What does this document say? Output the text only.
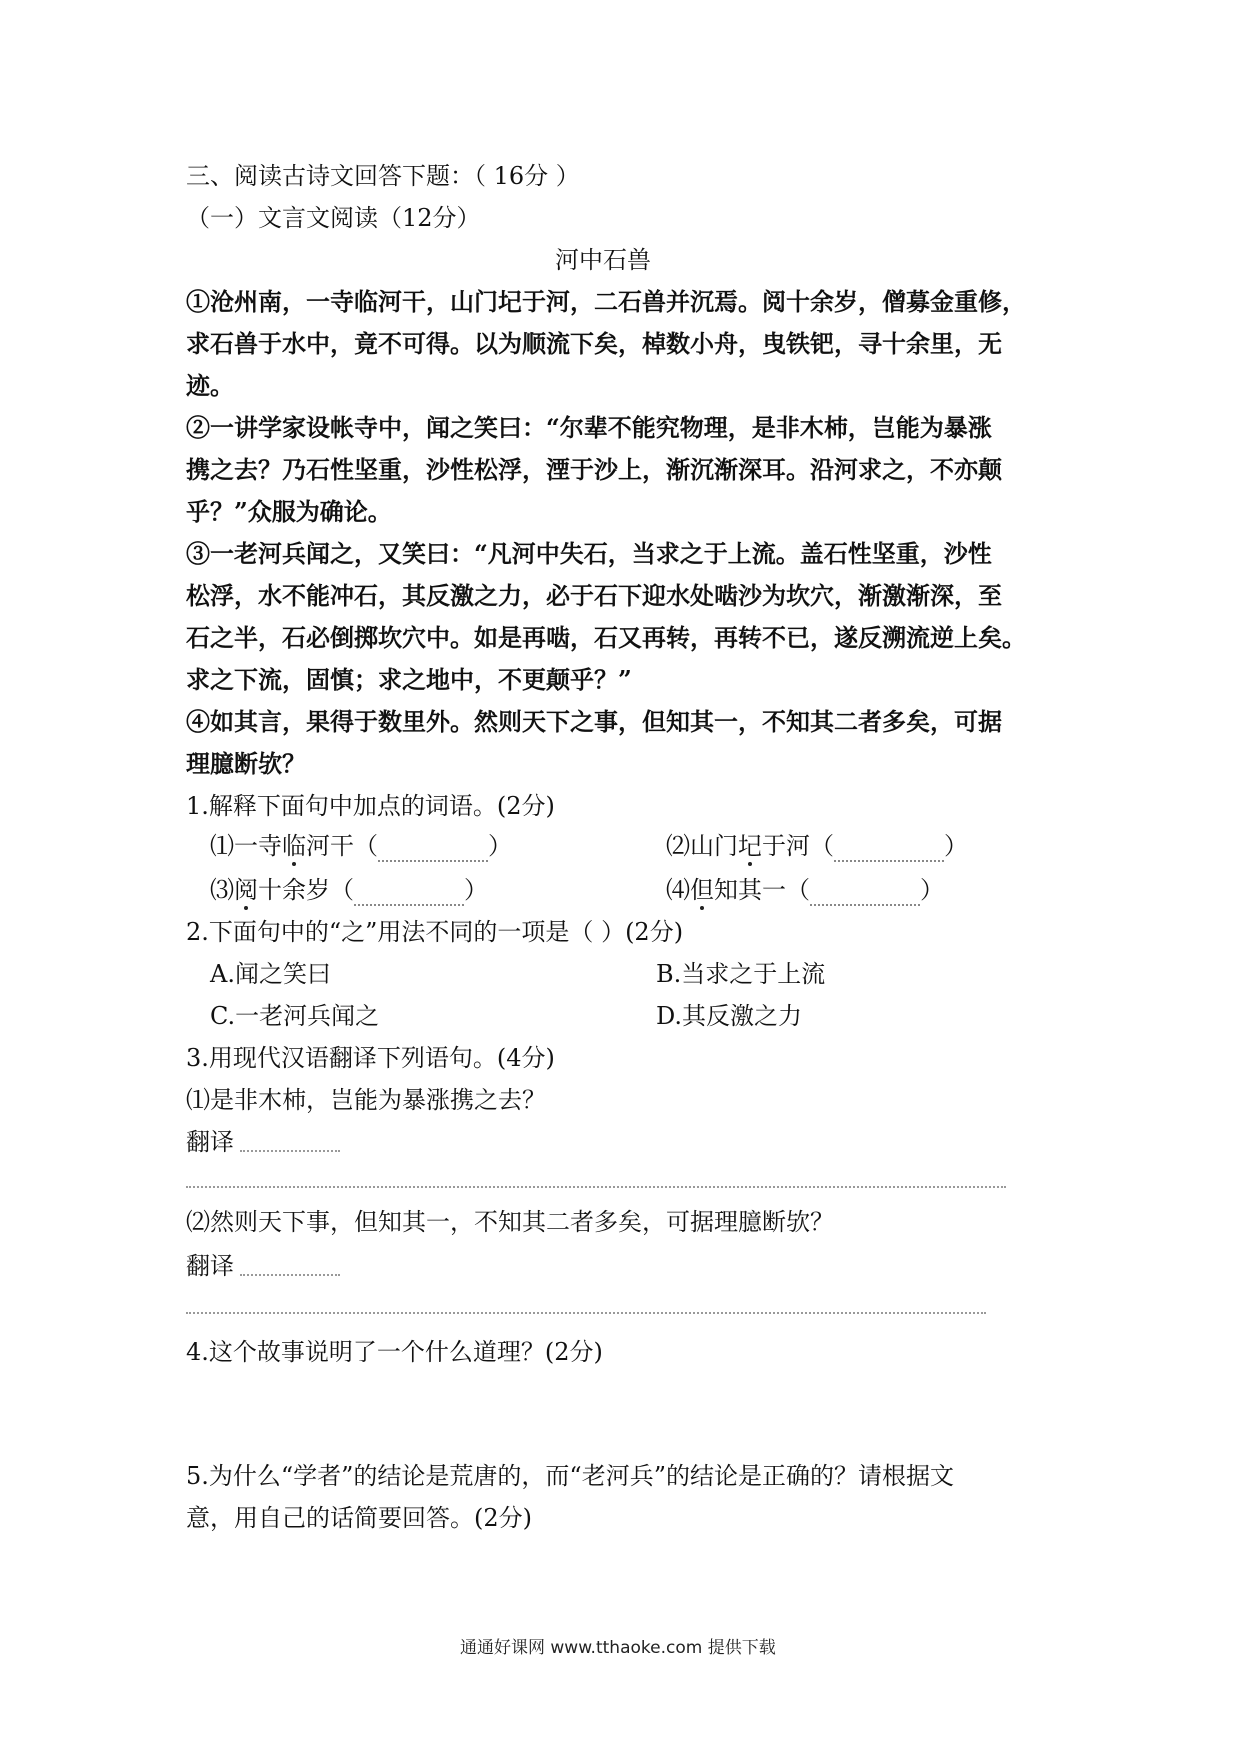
三、阅读古诗文回答下题：（ 16分 ）
（一）文言文阅读（12分）
河中石兽
①沧州南，一寺临河干，山门圮于河，二石兽并沉焉。阅十余岁，僧募金重修，
求石兽于水中，竟不可得。以为顺流下矣，棹数小舟，曳铁钯，寻十余里，无
迹。
②一讲学家设帐寺中，闻之笑曰：“尔辈不能究物理，是非木杮，岂能为暴涨
携之去？乃石性坚重，沙性松浮，湮于沙上，渐沉渐深耳。沿河求之，不亦颠
乎？”众服为确论。
③一老河兵闻之，又笑曰：“凡河中失石，当求之于上流。盖石性坚重，沙性
松浮，水不能冲石，其反激之力，必于石下迎水处啮沙为坎穴，渐激渐深，至
石之半，石必倒掷坎穴中。如是再啮，石又再转，再转不已，遂反溯流逆上矣。
求之下流，固慎；求之地中，不更颠乎？”
④如其言，果得于数里外。然则天下之事，但知其一，不知其二者多矣，可据
理臆断欤？
1.解释下面句中加点的词语。(2分)
⑴一寺临河干（	）	⑵山门圮于河（	）
⑶阅十余岁（	）	⑷但知其一（	）
2.下面句中的“之”用法不同的一项是（ ）(2分)
A.闻之笑曰	B.当求之于上流
C.一老河兵闻之	D.其反激之力
3.用现代汉语翻译下列语句。(4分)
⑴是非木杮，岂能为暴涨携之去？
翻译
⑵然则天下事，但知其一，不知其二者多矣，可据理臆断欤？
翻译
4.这个故事说明了一个什么道理？(2分)
5.为什么“学者”的结论是荒唐的，而“老河兵”的结论是正确的？请根据文
意，用自己的话简要回答。(2分)
通通好课网 www.tthaoke.com 提供下载
